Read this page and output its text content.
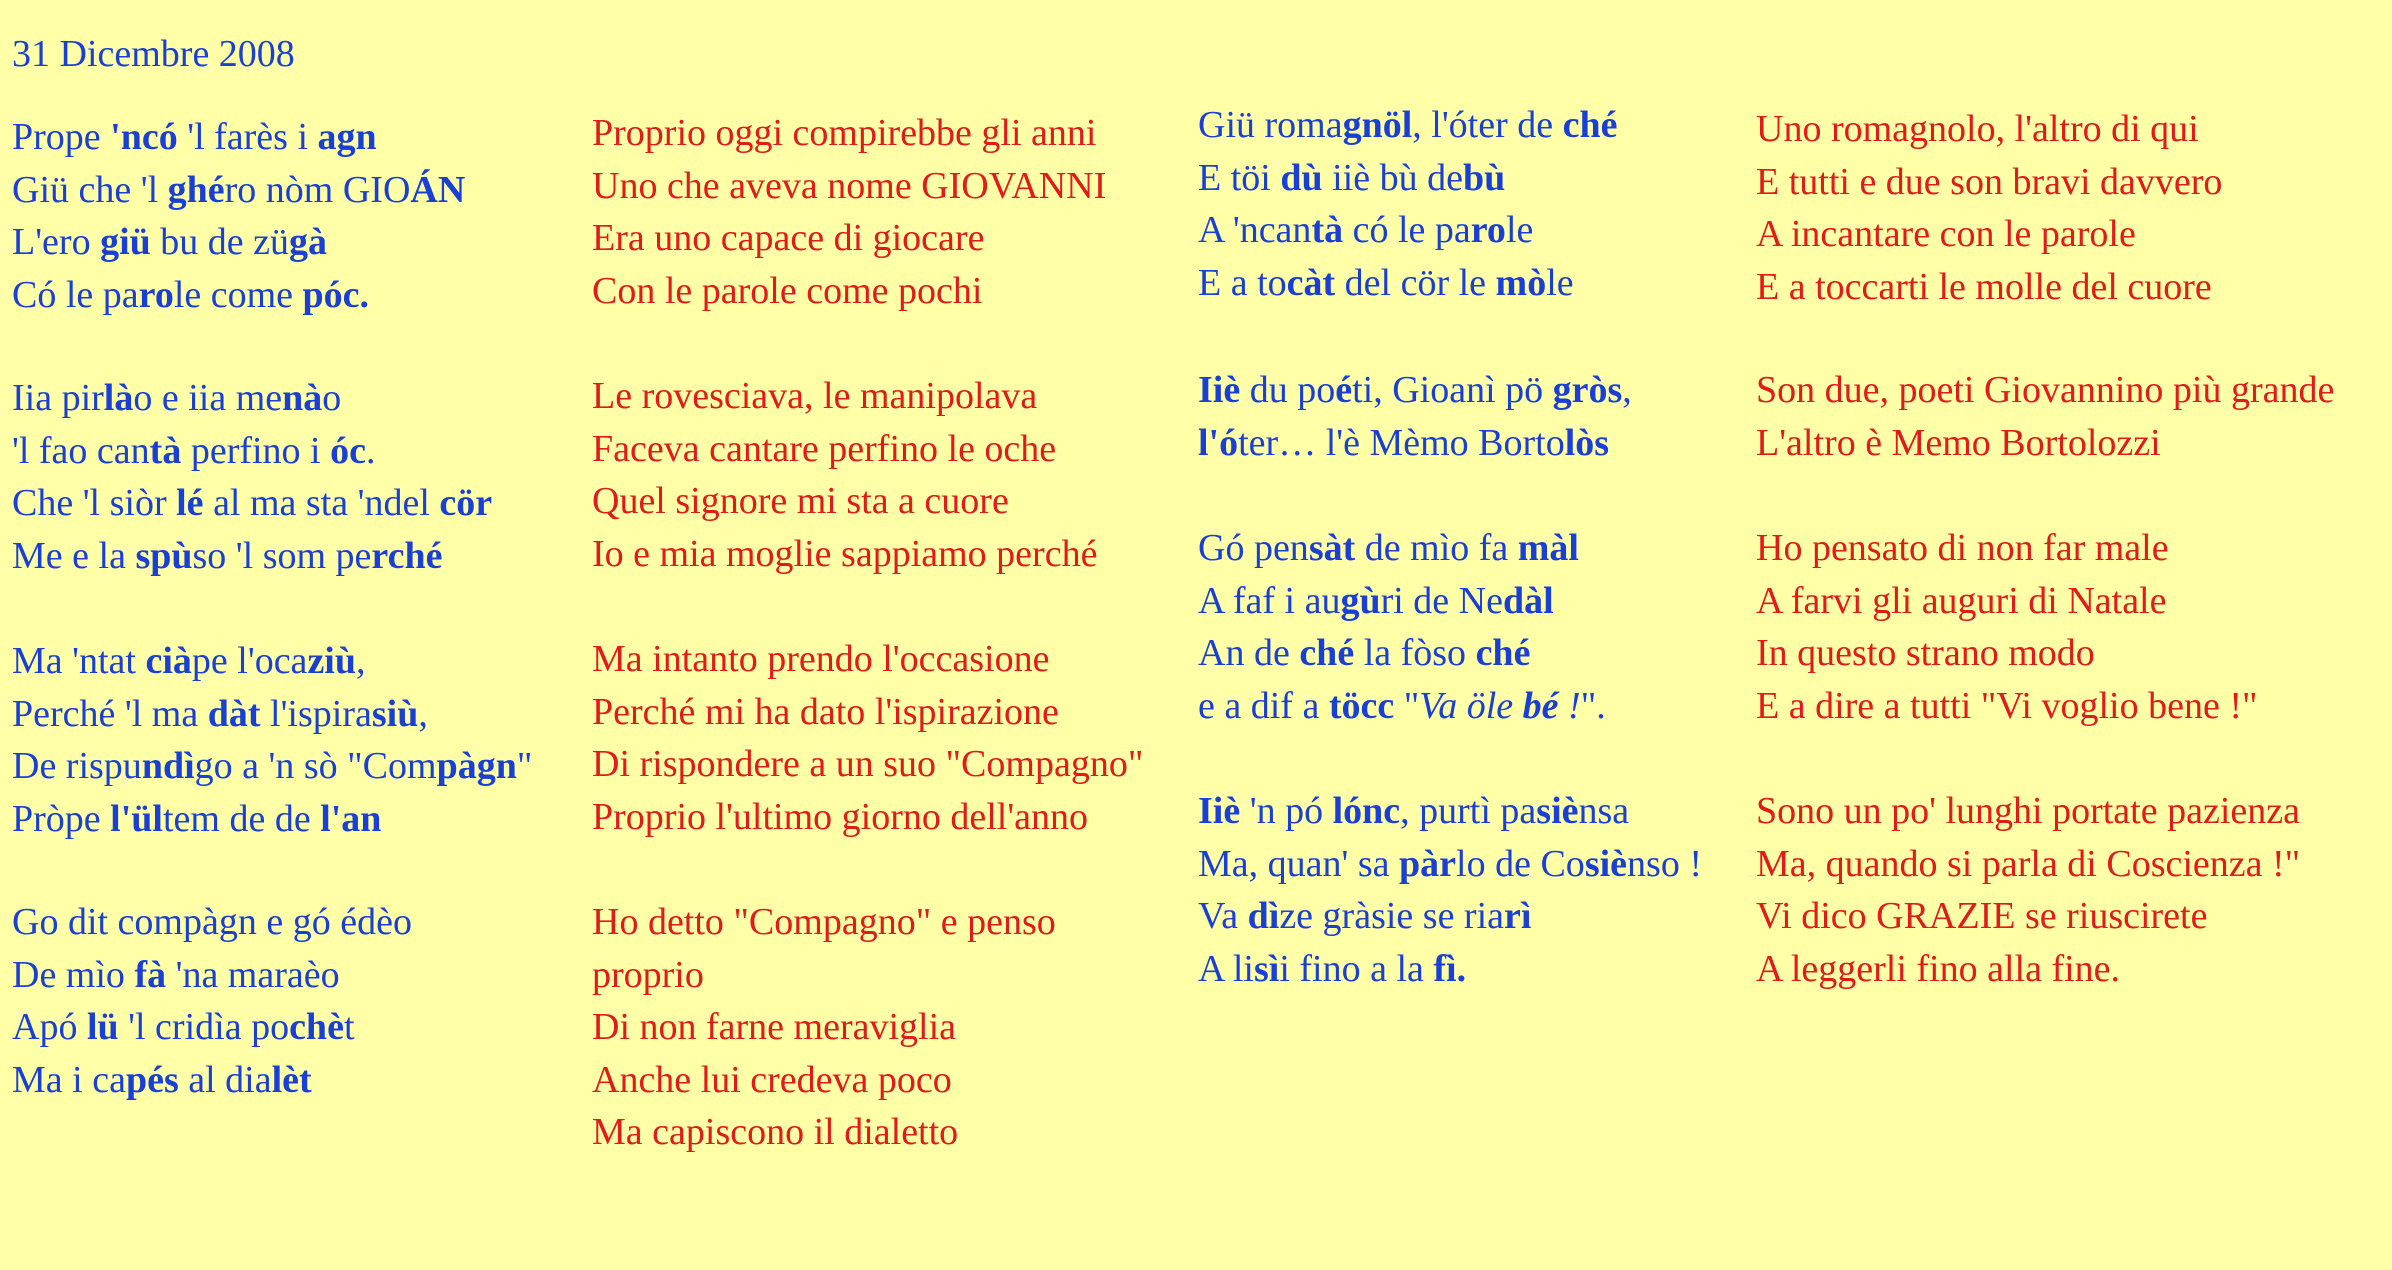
31 Dicembre 2008
Prope 'ncó 'l farès i agn
Giü che 'l ghéro nòm GIOÁN
L'ero giü bu de zügà
Có le parole come póc.
Iia pirlào e iia menào
'l fao cantà perfino i óc.
Che 'l siòr lé al ma sta 'ndel cör
Me e la spùso 'l som perché
Ma 'ntat ciàpe l'ocaziù,
Perché 'l ma dàt l'ispirasiù,
De rispundìgo a 'n sò "Compàgn"
Pròpe l'ültem de de l'an
Go dit compàgn e gó édèo
De mìo fà 'na maraèo
Apó lü 'l cridìa pochèt
Ma i capés al dialèt
Proprio oggi compirebbe gli anni
Uno che aveva nome GIOVANNI
Era uno capace di giocare
Con le parole come pochi
Le rovesciava, le manipolava
Faceva cantare perfino le oche
Quel signore mi sta a cuore
Io e mia moglie sappiamo perché
Ma intanto prendo l'occasione
Perché mi ha dato l'ispirazione
Di rispondere a un suo "Compagno"
Proprio l'ultimo giorno dell'anno
Ho detto "Compagno" e penso
proprio
Di non farne meraviglia
Anche lui credeva poco
Ma capiscono il dialetto
Giü romagnöl, l'óter de ché
E töi dù iiè bù debù
A 'ncantà có le parole
E a tocàt del cör le mòle
Iiè du poéti, Gioanì pö gròs,
l'óter… l'è Mèmo Bortolòs
Gó pensàt de mìo fa màl
A faf i augùri de Nedàl
An de ché la fòso ché
e a dif a töcc "Va öle bé !".
Iiè 'n pó lónc, purtì pasiènsa
Ma, quan' sa pàrlo de Cosiènso !
Va dìze gràsie se riarì
A lisìi fino a la fì.
Uno romagnolo, l'altro di qui
E tutti e due son bravi davvero
A incantare con le parole
E a toccarti le molle del cuore
Son due, poeti Giovannino più grande
L'altro è Memo Bortolozzi
Ho pensato di non far male
A farvi gli auguri di Natale
In questo strano modo
E a dire a tutti "Vi voglio bene !"
Sono un po' lunghi portate pazienza
Ma, quando si parla di Coscienza !"
Vi dico GRAZIE se riuscirete
A leggerli fino alla fine.
